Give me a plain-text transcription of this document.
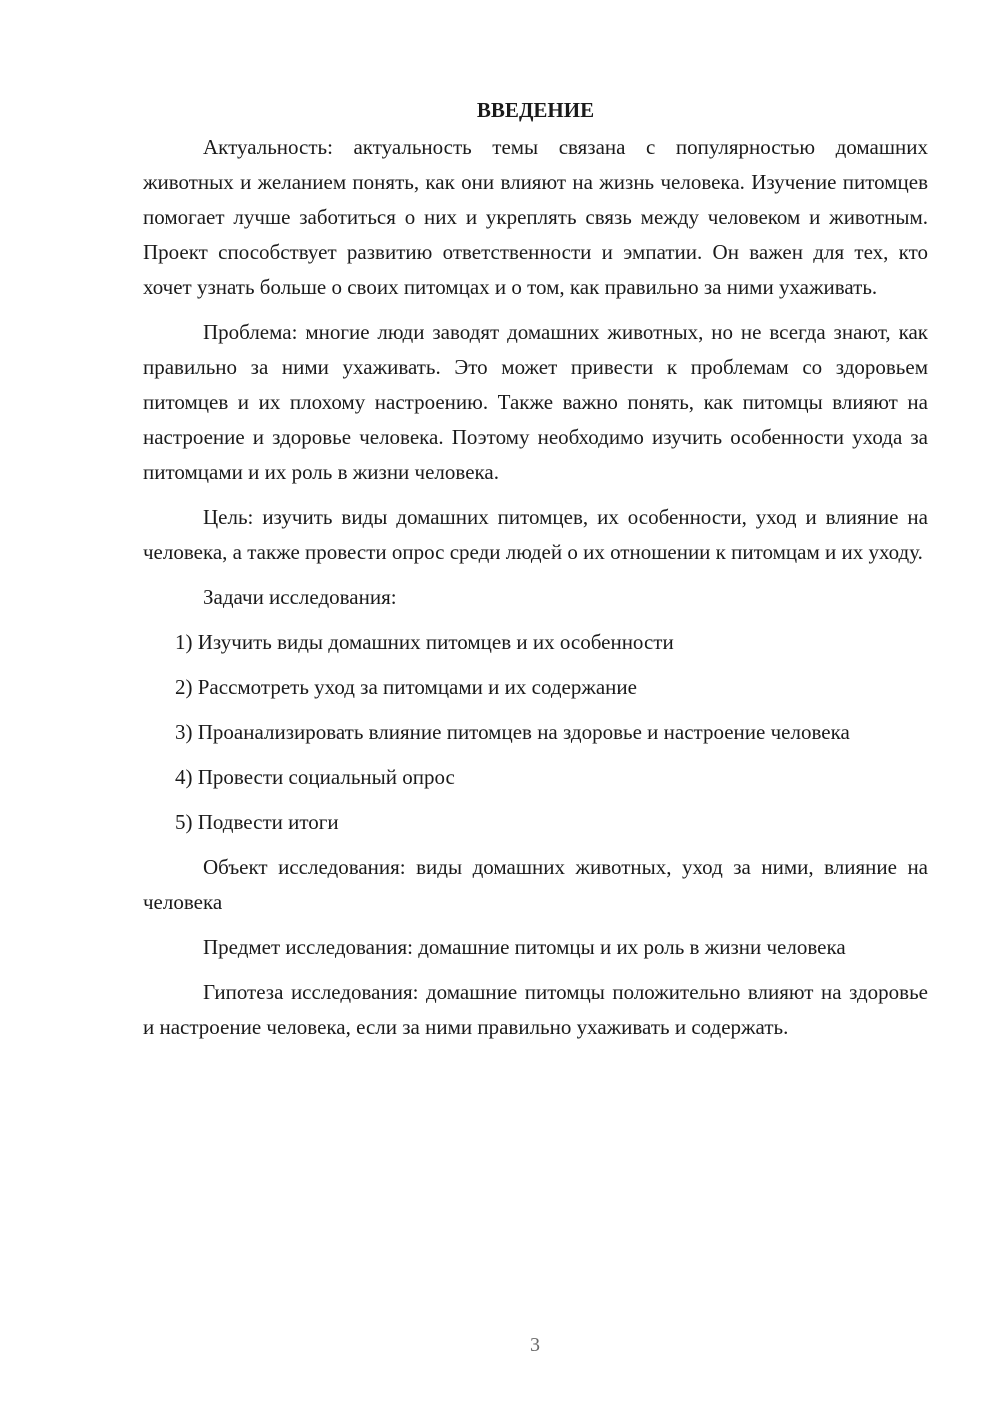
ВВЕДЕНИЕ

Актуальность: актуальность темы связана с популярностью домашних животных и желанием понять, как они влияют на жизнь человека. Изучение питомцев помогает лучше заботиться о них и укреплять связь между человеком и животным. Проект способствует развитию ответственности и эмпатии. Он важен для тех, кто хочет узнать больше о своих питомцах и о том, как правильно за ними ухаживать.

Проблема: многие люди заводят домашних животных, но не всегда знают, как правильно за ними ухаживать. Это может привести к проблемам со здоровьем питомцев и их плохому настроению. Также важно понять, как питомцы влияют на настроение и здоровье человека. Поэтому необходимо изучить особенности ухода за питомцами и их роль в жизни человека.

Цель: изучить виды домашних питомцев, их особенности, уход и влияние на человека, а также провести опрос среди людей о их отношении к питомцам и их уходу.

Задачи исследования:

1) Изучить виды домашних питомцев и их особенности

2) Рассмотреть уход за питомцами и их содержание

3) Проанализировать влияние питомцев на здоровье и настроение человека

4) Провести социальный опрос

5) Подвести итоги

Объект исследования: виды домашних животных, уход за ними, влияние на человека

Предмет исследования: домашние питомцы и их роль в жизни человека

Гипотеза исследования: домашние питомцы положительно влияют на здоровье и настроение человека, если за ними правильно ухаживать и содержать.

3
